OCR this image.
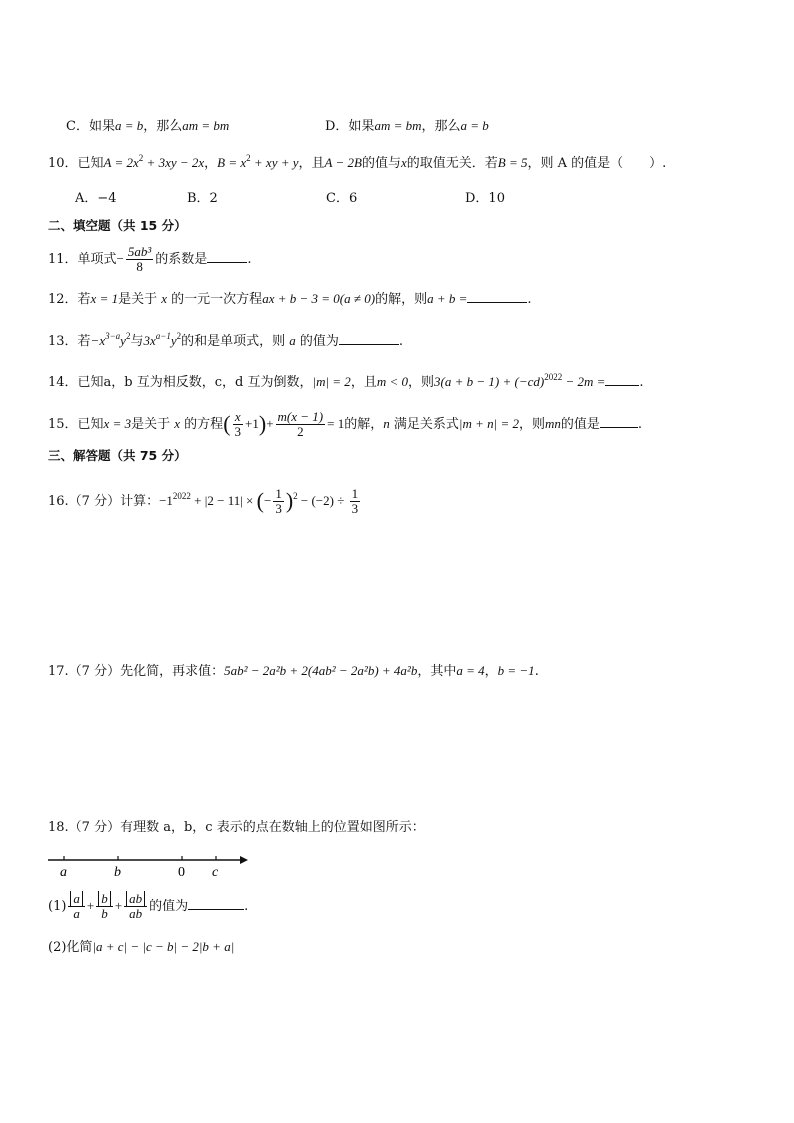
C．如果a = b，那么am = bm	D．如果am = bm，那么a = b
10．已知$A = 2x^2 + 3xy - 2x$，$B = x^2$ + xy + y，且A − 2B的值与x的取值无关．若B = 5，则 A 的值是（　　）.
A．−4	B．2	C．6	D．10
二、填空题（共 15 分）
11．单项式− $\frac{\text{5ab³}}{8}$ 的系数是	.
12．若x = 1是关于 x 的一元一次方程ax + b − 3 = 0(a ≠ 0)的解，则a + b =	.
13．若$-x^{3-a}y^2$与$3x^{a-1}y^2$的和是单项式，则 a 的值为	.
14．已知a，b 互为相反数，c，d 互为倒数，|m| = 2，且m < 0，则$3(a + b - 1) + (-cd)^{2022} - 2m$ =	.
15．已知x = 3是关于 x 的方程( $\frac{x}{3} +1)+ \frac{m(x - 1)}{2} = 1$的解，n 满足关系式|m + n| = 2，则mn的值是	.
三、解答题（共 75 分）
16.（7 分）计算：$-1^{2022} + |2 - 11|$ × (− $\frac{1}{3} )^2 - (-2) \div \frac{1}{3}$
17.（7 分）先化简，再求值：5ab² − 2a²b + 2(4ab² − 2a²b) + 4a²b，其中a = 4，b = −1.
18.（7 分）有理数 a，b，c 表示的点在数轴上的位置如图所示：
a	b	0 c
$(1) \frac{a}{a} + \frac{b}{b} + \frac{ab}{ab}$ 的值为	.
(2)化简|a + c| − |c − b| − 2|b + a|
